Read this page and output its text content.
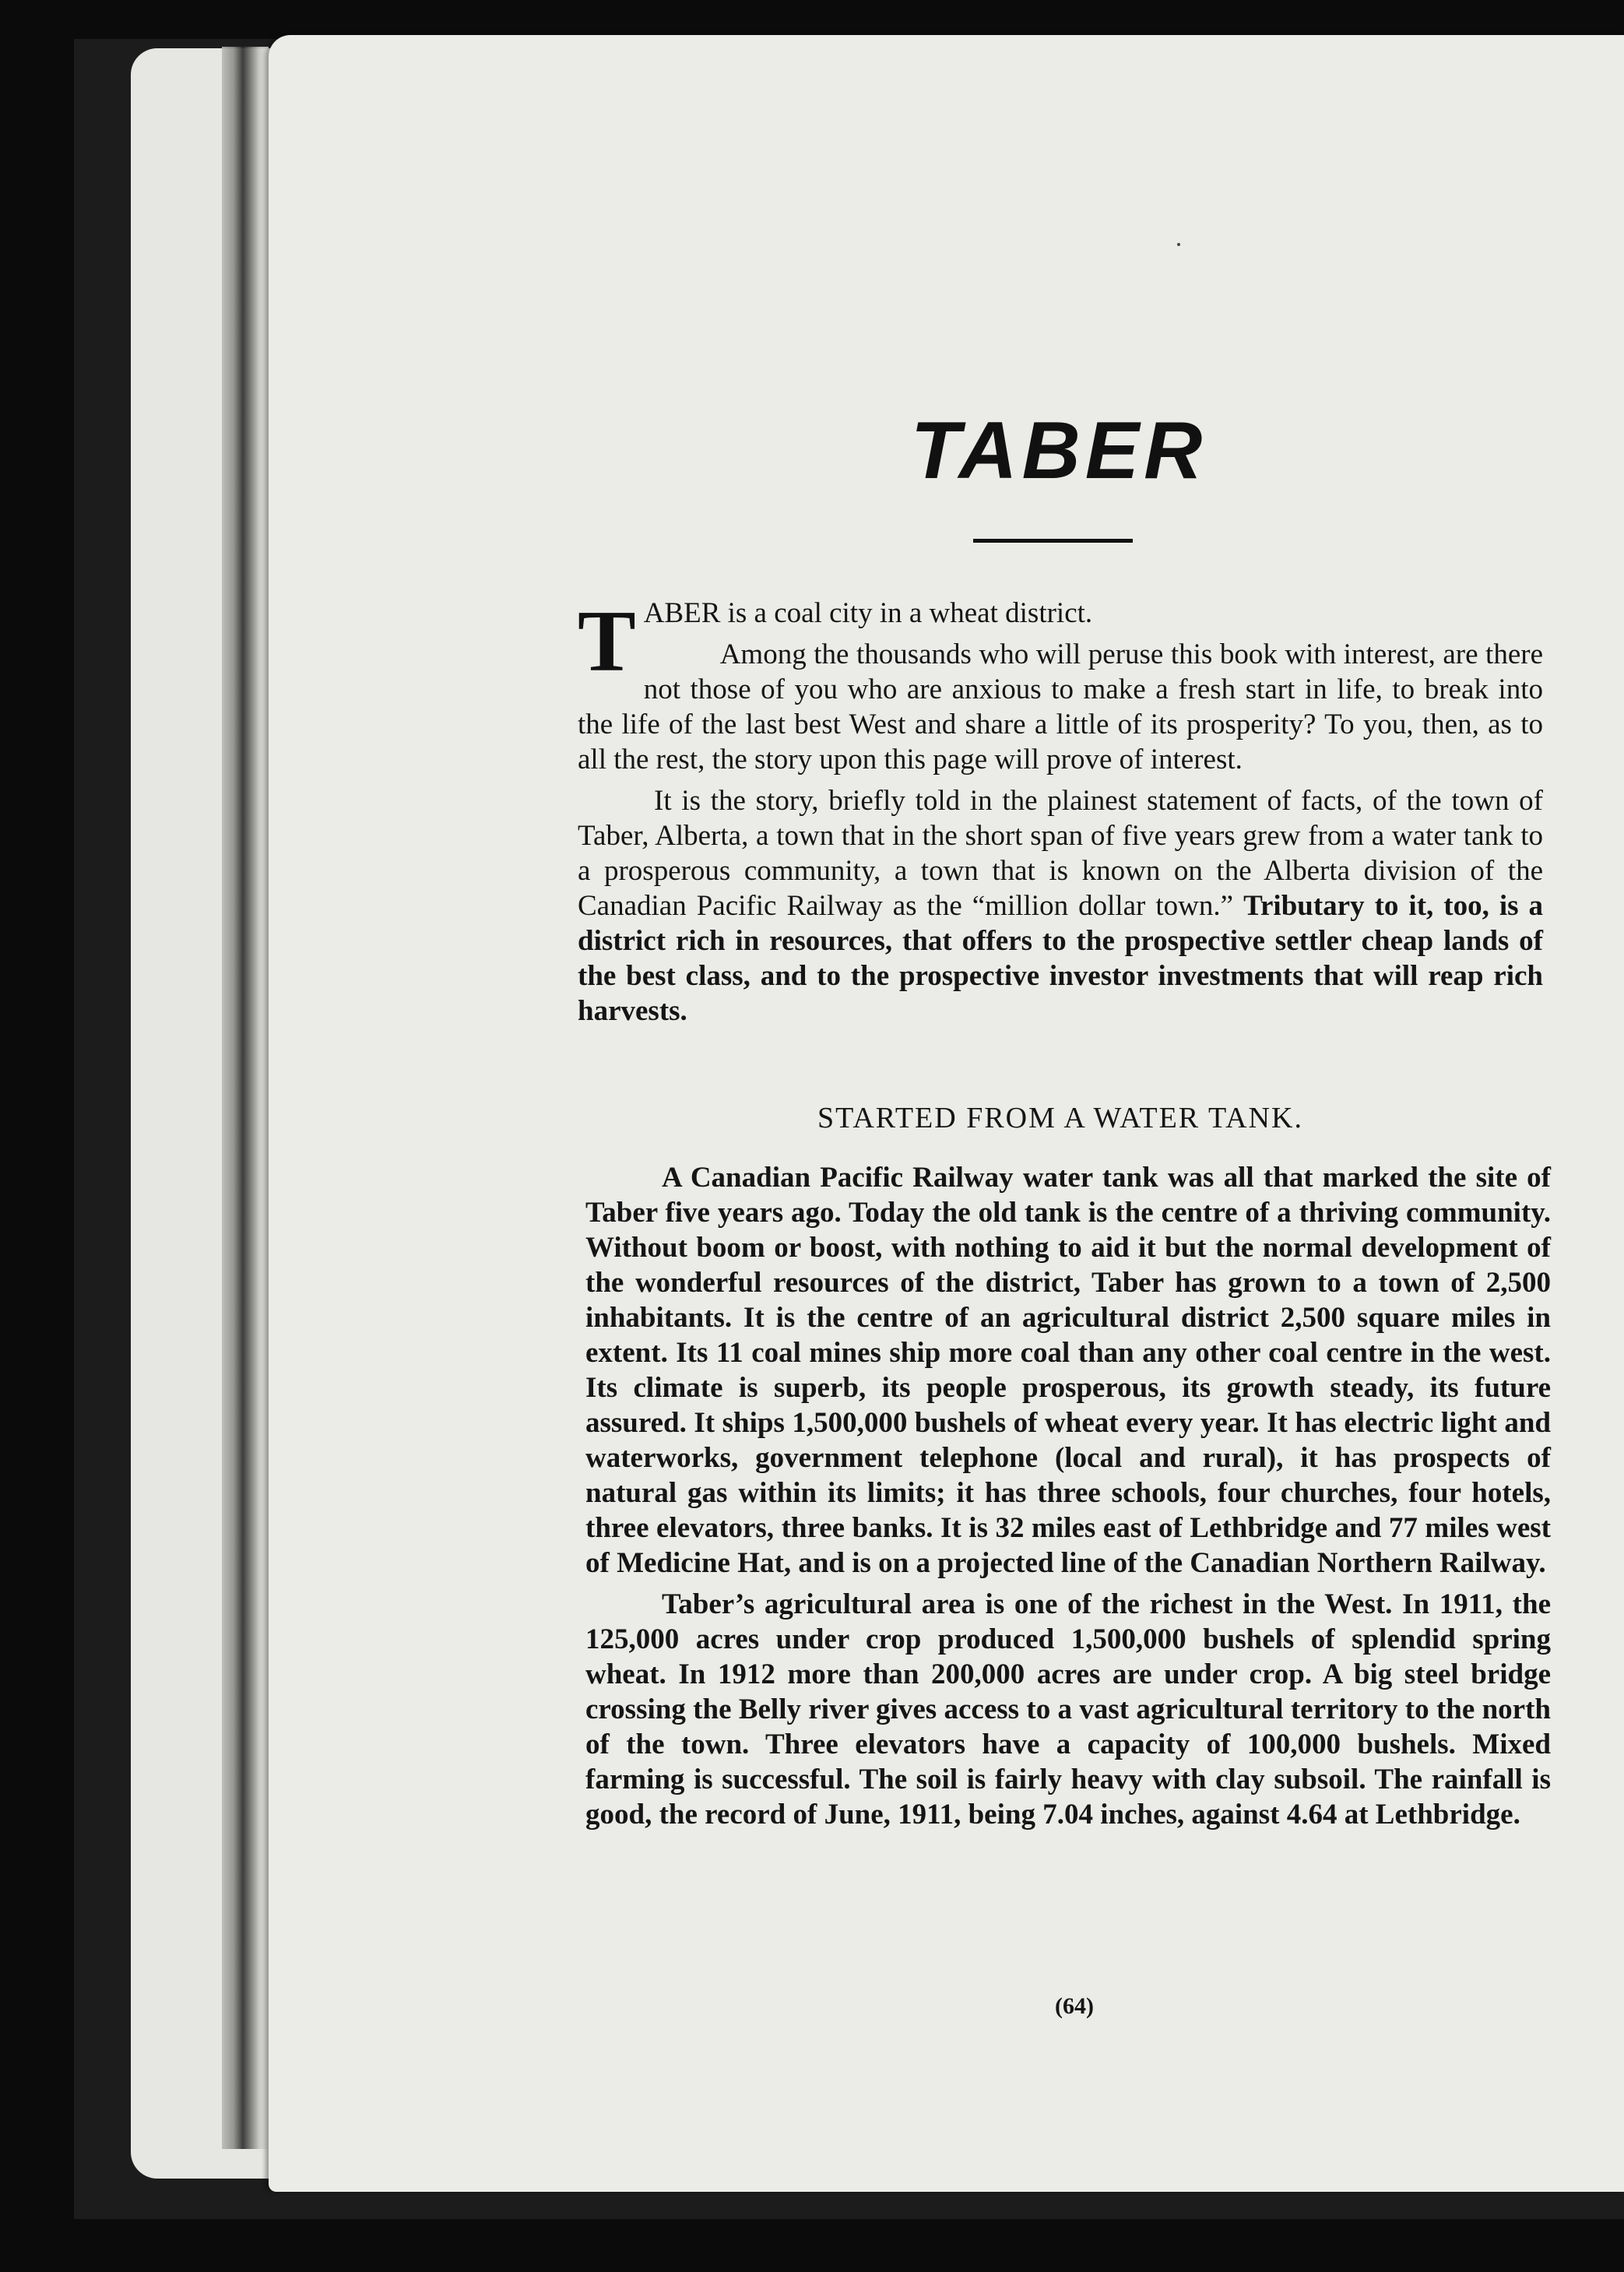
TABER

TABER is a coal city in a wheat district.

Among the thousands who will peruse this book with interest, are there not those of you who are anxious to make a fresh start in life, to break into the life of the last best West and share a little of its prosperity? To you, then, as to all the rest, the story upon this page will prove of interest.

It is the story, briefly told in the plainest statement of facts, of the town of Taber, Alberta, a town that in the short span of five years grew from a water tank to a prosperous community, a town that is known on the Alberta division of the Canadian Pacific Railway as the “million dollar town.” Tributary to it, too, is a district rich in resources, that offers to the prospective settler cheap lands of the best class, and to the prospective investor investments that will reap rich harvests.

STARTED FROM A WATER TANK.

A Canadian Pacific Railway water tank was all that marked the site of Taber five years ago. Today the old tank is the centre of a thriving community. Without boom or boost, with nothing to aid it but the normal development of the wonderful resources of the district, Taber has grown to a town of 2,500 inhabitants. It is the centre of an agricultural district 2,500 square miles in extent. Its 11 coal mines ship more coal than any other coal centre in the west. Its climate is superb, its people prosperous, its growth steady, its future assured. It ships 1,500,000 bushels of wheat every year. It has electric light and waterworks, government telephone (local and rural), it has prospects of natural gas within its limits; it has three schools, four churches, four hotels, three elevators, three banks. It is 32 miles east of Lethbridge and 77 miles west of Medicine Hat, and is on a projected line of the Canadian Northern Railway.

Taber’s agricultural area is one of the richest in the West. In 1911, the 125,000 acres under crop produced 1,500,000 bushels of splendid spring wheat. In 1912 more than 200,000 acres are under crop. A big steel bridge crossing the Belly river gives access to a vast agricultural territory to the north of the town. Three elevators have a capacity of 100,000 bushels. Mixed farming is successful. The soil is fairly heavy with clay subsoil. The rainfall is good, the record of June, 1911, being 7.04 inches, against 4.64 at Lethbridge.

(64)
